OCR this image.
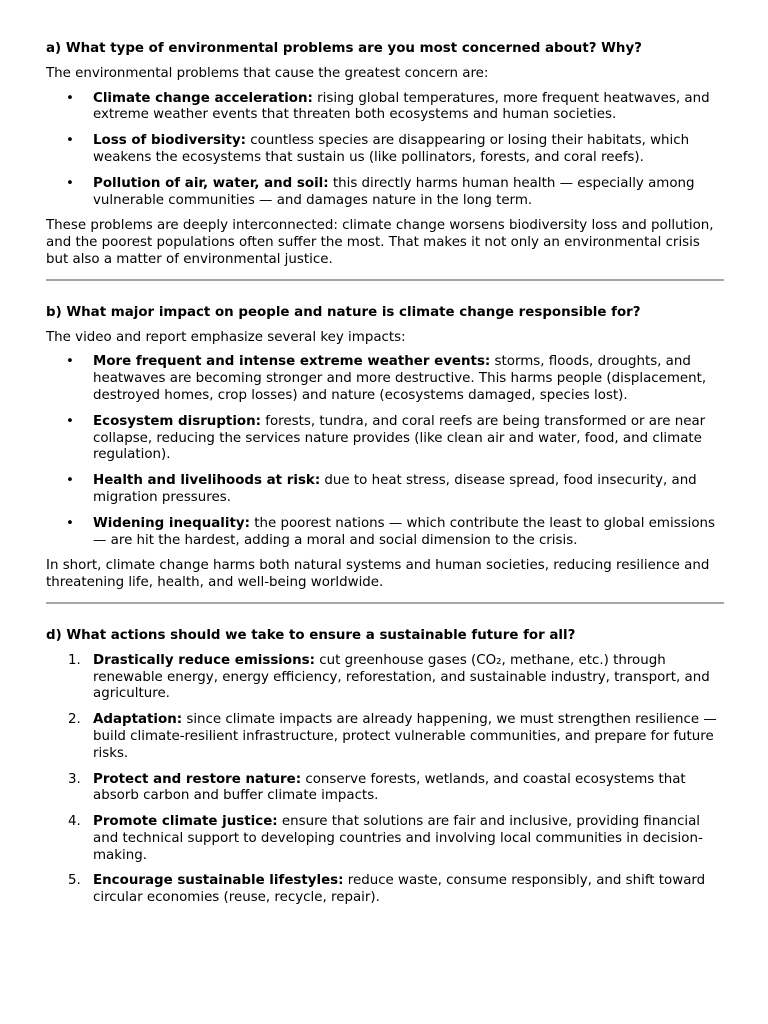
a) What type of environmental problems are you most concerned about? Why?

The environmental problems that cause the greatest concern are:

• Climate change acceleration: rising global temperatures, more frequent heatwaves, and extreme weather events that threaten both ecosystems and human societies.
• Loss of biodiversity: countless species are disappearing or losing their habitats, which weakens the ecosystems that sustain us (like pollinators, forests, and coral reefs).
• Pollution of air, water, and soil: this directly harms human health — especially among vulnerable communities — and damages nature in the long term.

These problems are deeply interconnected: climate change worsens biodiversity loss and pollution, and the poorest populations often suffer the most. That makes it not only an environmental crisis but also a matter of environmental justice.

b) What major impact on people and nature is climate change responsible for?

The video and report emphasize several key impacts:

• More frequent and intense extreme weather events: storms, floods, droughts, and heatwaves are becoming stronger and more destructive. This harms people (displacement, destroyed homes, crop losses) and nature (ecosystems damaged, species lost).
• Ecosystem disruption: forests, tundra, and coral reefs are being transformed or are near collapse, reducing the services nature provides (like clean air and water, food, and climate regulation).
• Health and livelihoods at risk: due to heat stress, disease spread, food insecurity, and migration pressures.
• Widening inequality: the poorest nations — which contribute the least to global emissions — are hit the hardest, adding a moral and social dimension to the crisis.

In short, climate change harms both natural systems and human societies, reducing resilience and threatening life, health, and well-being worldwide.

d) What actions should we take to ensure a sustainable future for all?

1. Drastically reduce emissions: cut greenhouse gases (CO₂, methane, etc.) through renewable energy, energy efficiency, reforestation, and sustainable industry, transport, and agriculture.
2. Adaptation: since climate impacts are already happening, we must strengthen resilience — build climate-resilient infrastructure, protect vulnerable communities, and prepare for future risks.
3. Protect and restore nature: conserve forests, wetlands, and coastal ecosystems that absorb carbon and buffer climate impacts.
4. Promote climate justice: ensure that solutions are fair and inclusive, providing financial and technical support to developing countries and involving local communities in decision-making.
5. Encourage sustainable lifestyles: reduce waste, consume responsibly, and shift toward circular economies (reuse, recycle, repair).
